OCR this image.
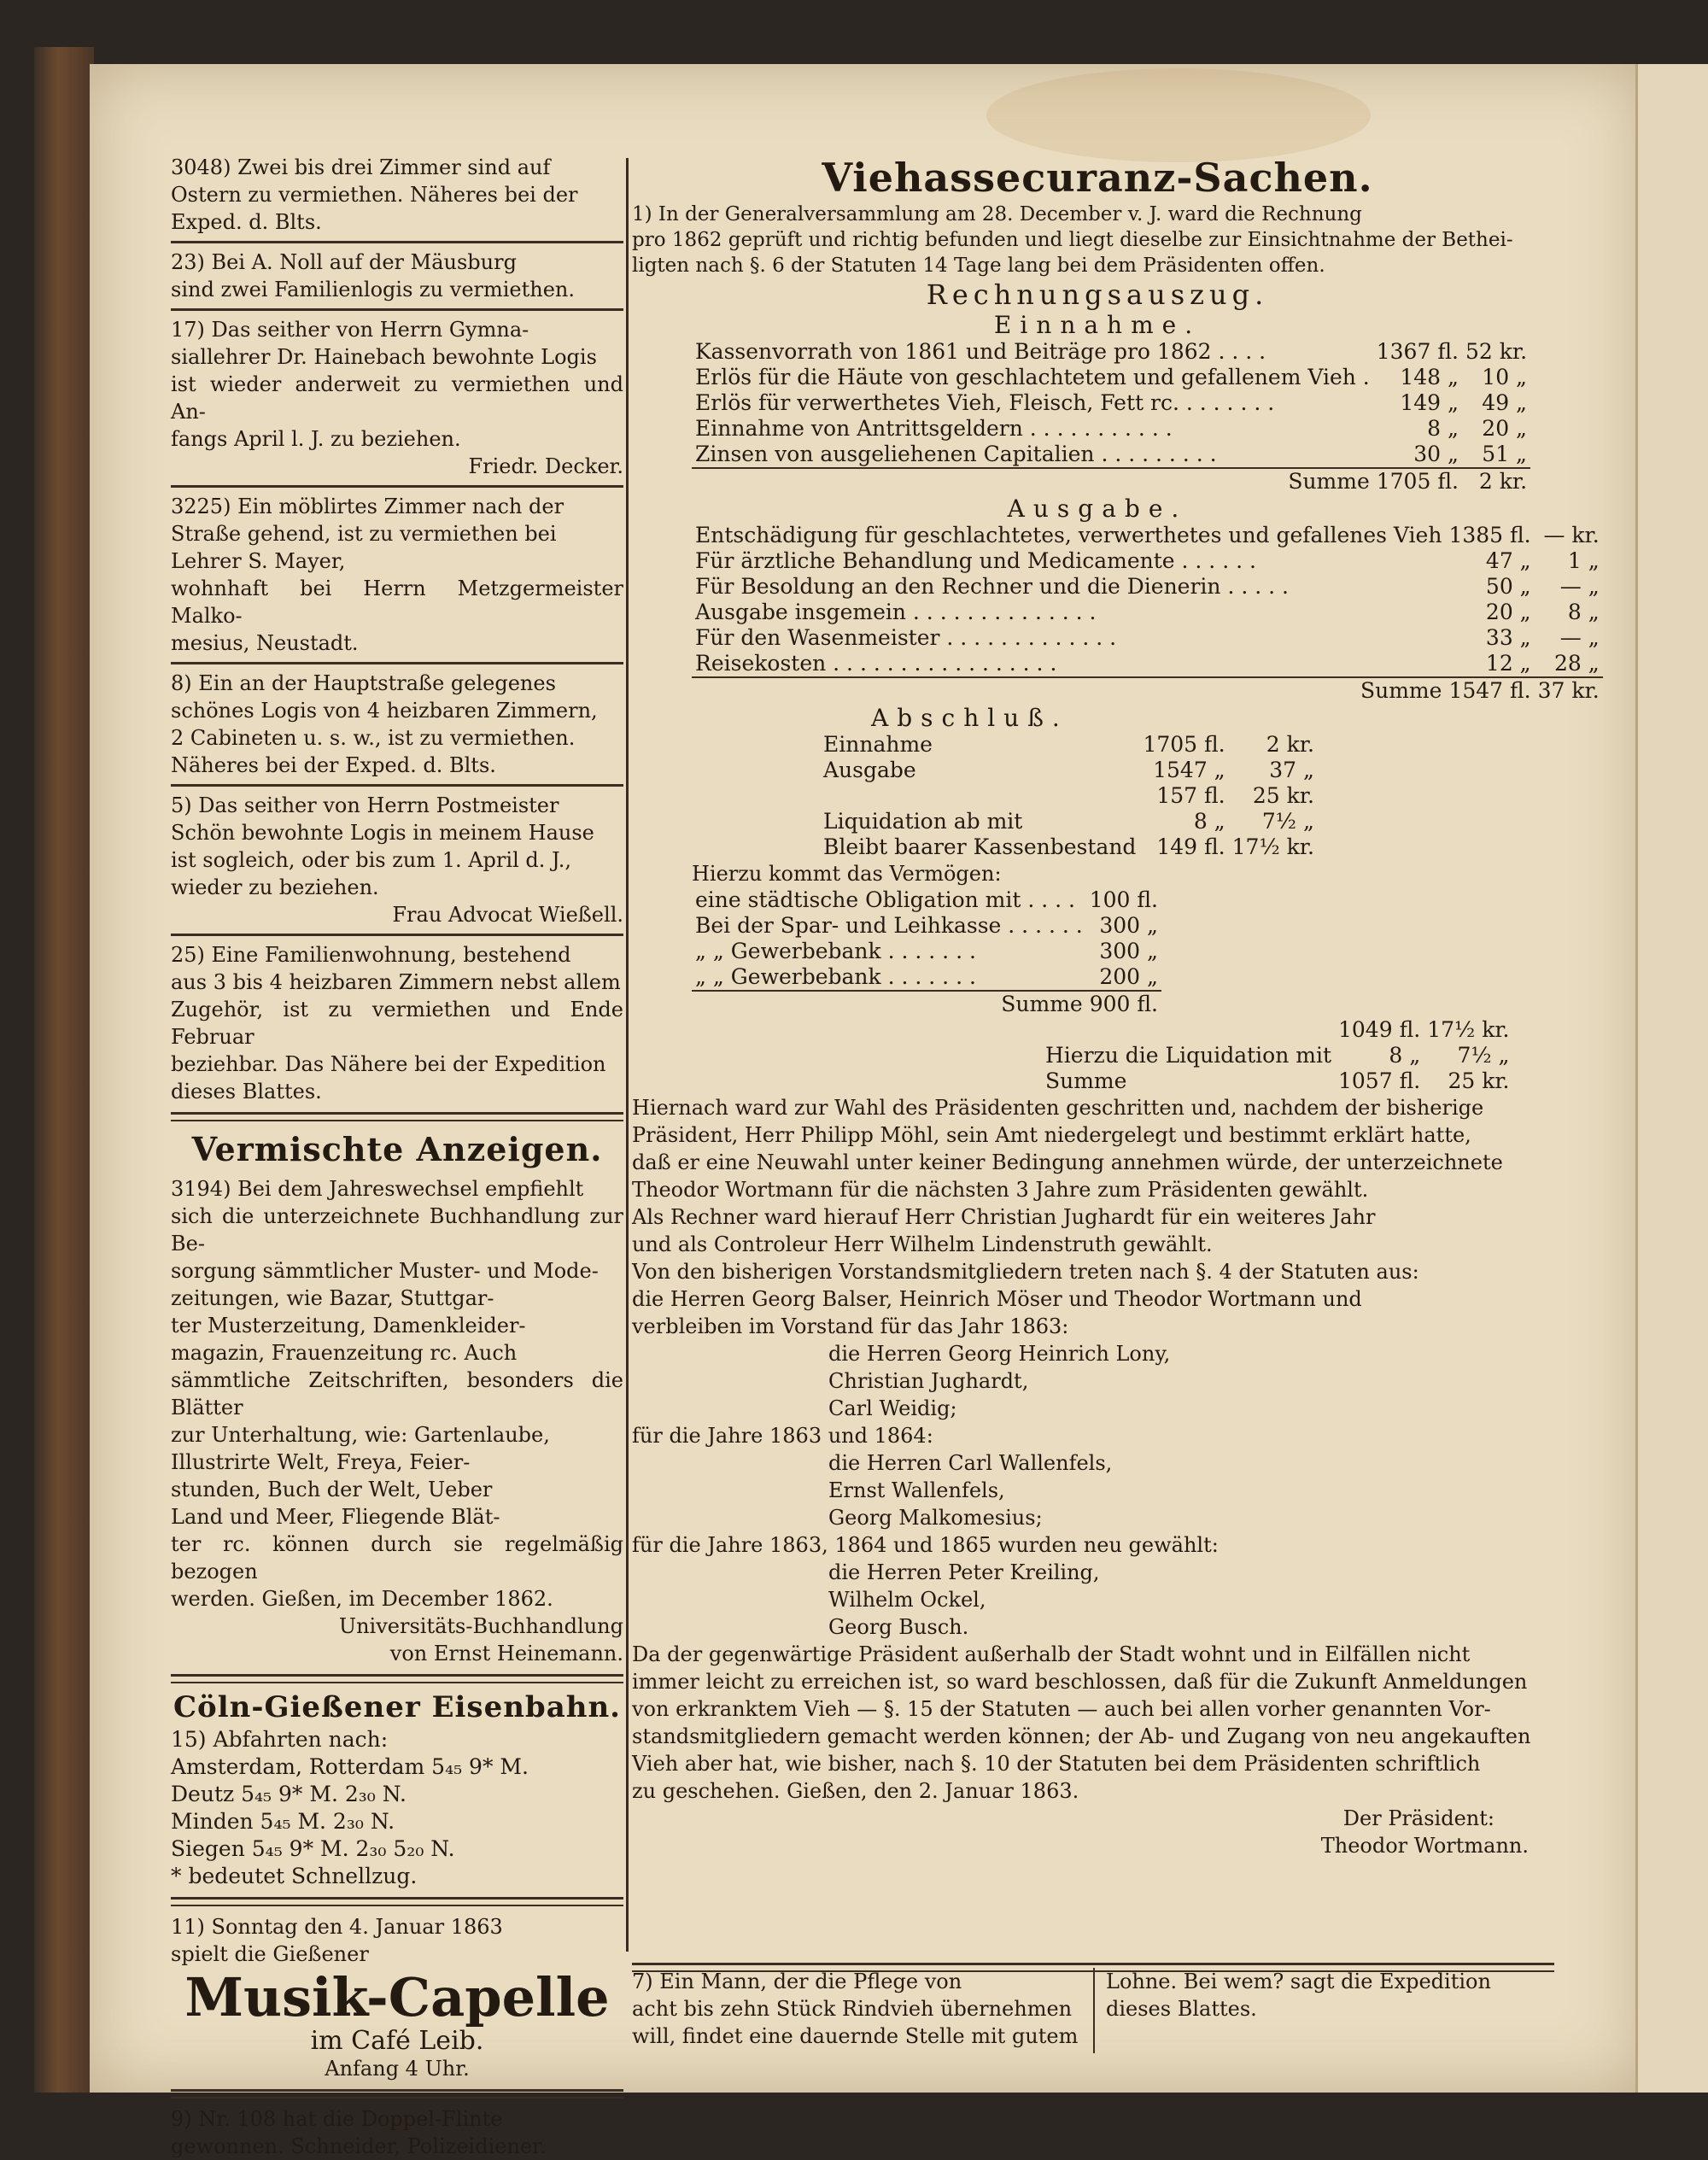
3048) Zwei bis drei Zimmer sind auf
Ostern zu vermiethen. Näheres bei der
Exped. d. Blts.
23) Bei A. Noll auf der Mäusburg
sind zwei Familienlogis zu vermiethen.
17) Das seither von Herrn Gymna-
siallehrer Dr. Hainebach bewohnte Logis
ist wieder anderweit zu vermiethen und An-
fangs April l. J. zu beziehen.
Friedr. Decker.
3225) Ein möblirtes Zimmer nach der
Straße gehend, ist zu vermiethen bei
Lehrer S. Mayer,
wohnhaft bei Herrn Metzgermeister Malko-
mesius, Neustadt.
8) Ein an der Hauptstraße gelegenes
schönes Logis von 4 heizbaren Zimmern,
2 Cabineten u. s. w., ist zu vermiethen.
Näheres bei der Exped. d. Blts.
5) Das seither von Herrn Postmeister
Schön bewohnte Logis in meinem Hause
ist sogleich, oder bis zum 1. April d. J.,
wieder zu beziehen.
Frau Advocat Wießell.
25) Eine Familienwohnung, bestehend
aus 3 bis 4 heizbaren Zimmern nebst allem
Zugehör, ist zu vermiethen und Ende Februar
beziehbar. Das Nähere bei der Expedition
dieses Blattes.
Vermischte Anzeigen.
3194) Bei dem Jahreswechsel empfiehlt
sich die unterzeichnete Buchhandlung zur Be-
sorgung sämmtlicher Muster- und Mode-
zeitungen, wie Bazar, Stuttgar-
ter Musterzeitung, Damenkleider-
magazin, Frauenzeitung rc. Auch
sämmtliche Zeitschriften, besonders die Blätter
zur Unterhaltung, wie: Gartenlaube,
Illustrirte Welt, Freya, Feier-
stunden, Buch der Welt, Ueber
Land und Meer, Fliegende Blät-
ter rc. können durch sie regelmäßig bezogen
werden. Gießen, im December 1862.
Universitäts-Buchhandlung
von Ernst Heinemann.
Cöln-Gießener Eisenbahn.
15) Abfahrten nach:
Amsterdam, Rotterdam 5₄₅ 9* M.
Deutz 5₄₅ 9* M. 2₃₀ N.
Minden 5₄₅ M. 2₃₀ N.
Siegen 5₄₅ 9* M. 2₃₀ 5₂₀ N.
* bedeutet Schnellzug.
11) Sonntag den 4. Januar 1863
spielt die Gießener
Musik-Capelle
im Café Leib.
Anfang 4 Uhr.
9) Nr. 108 hat die Doppel-Flinte
gewonnen. Schneider, Polizeidiener.
Viehassecuranz-Sachen.
1) In der Generalversammlung am 28. December v. J. ward die Rechnung
pro 1862 geprüft und richtig befunden und liegt dieselbe zur Einsichtnahme der Bethei-
ligten nach §. 6 der Statuten 14 Tage lang bei dem Präsidenten offen.
Rechnungsauszug.
Einnahme.
Kassenvorrath von 1861 und Beiträge pro 1862 . . . .	1367 fl.	52 kr.
Erlös für die Häute von geschlachtetem und gefallenem Vieh .	148 „	10 „
Erlös für verwerthetes Vieh, Fleisch, Fett rc. . . . . . . .	149 „	49 „
Einnahme von Antrittsgeldern . . . . . . . . . . .	8 „	20 „
Zinsen von ausgeliehenen Capitalien . . . . . . . . .	30 „	51 „
Summe	1705 fl.	2 kr.
Ausgabe.
Entschädigung für geschlachtetes, verwerthetes und gefallenes Vieh	1385 fl.	— kr.
Für ärztliche Behandlung und Medicamente . . . . . .	47 „	1 „
Für Besoldung an den Rechner und die Dienerin . . . . .	50 „	— „
Ausgabe insgemein . . . . . . . . . . . . . .	20 „	8 „
Für den Wasenmeister . . . . . . . . . . . . .	33 „	— „
Reisekosten . . . . . . . . . . . . . . . . .	12 „	28 „
Summe	1547 fl.	37 kr.
Abschluß.
Einnahme	1705 fl.	2 kr.
Ausgabe	1547 „	37 „
	157 fl.	25 kr.
Liquidation ab mit	8 „	7½ „
Bleibt baarer Kassenbestand	149 fl.	17½ kr.
Hierzu kommt das Vermögen:
eine städtische Obligation mit . . . .	100 fl.
Bei der Spar- und Leihkasse . . . . . .	300 „
„ „ Gewerbebank . . . . . . .	300 „
„ „ Gewerbebank . . . . . . .	200 „
Summe	900 fl.
	1049 fl.	17½ kr.
Hierzu die Liquidation mit	8 „	7½ „
Summe	1057 fl.	25 kr.
Hiernach ward zur Wahl des Präsidenten geschritten und, nachdem der bisherige
Präsident, Herr Philipp Möhl, sein Amt niedergelegt und bestimmt erklärt hatte,
daß er eine Neuwahl unter keiner Bedingung annehmen würde, der unterzeichnete
Theodor Wortmann für die nächsten 3 Jahre zum Präsidenten gewählt.
Als Rechner ward hierauf Herr Christian Jughardt für ein weiteres Jahr
und als Controleur Herr Wilhelm Lindenstruth gewählt.
Von den bisherigen Vorstandsmitgliedern treten nach §. 4 der Statuten aus:
die Herren Georg Balser, Heinrich Möser und Theodor Wortmann und
verbleiben im Vorstand für das Jahr 1863:
die Herren Georg Heinrich Lony,
Christian Jughardt,
Carl Weidig;
für die Jahre 1863 und 1864:
die Herren Carl Wallenfels,
Ernst Wallenfels,
Georg Malkomesius;
für die Jahre 1863, 1864 und 1865 wurden neu gewählt:
die Herren Peter Kreiling,
Wilhelm Ockel,
Georg Busch.
Da der gegenwärtige Präsident außerhalb der Stadt wohnt und in Eilfällen nicht
immer leicht zu erreichen ist, so ward beschlossen, daß für die Zukunft Anmeldungen
von erkranktem Vieh — §. 15 der Statuten — auch bei allen vorher genannten Vor-
standsmitgliedern gemacht werden können; der Ab- und Zugang von neu angekauften
Vieh aber hat, wie bisher, nach §. 10 der Statuten bei dem Präsidenten schriftlich
zu geschehen. Gießen, den 2. Januar 1863.
Der Präsident:
Theodor Wortmann.
7) Ein Mann, der die Pflege von
acht bis zehn Stück Rindvieh übernehmen
will, findet eine dauernde Stelle mit gutem
Lohne. Bei wem? sagt die Expedition
dieses Blattes.
